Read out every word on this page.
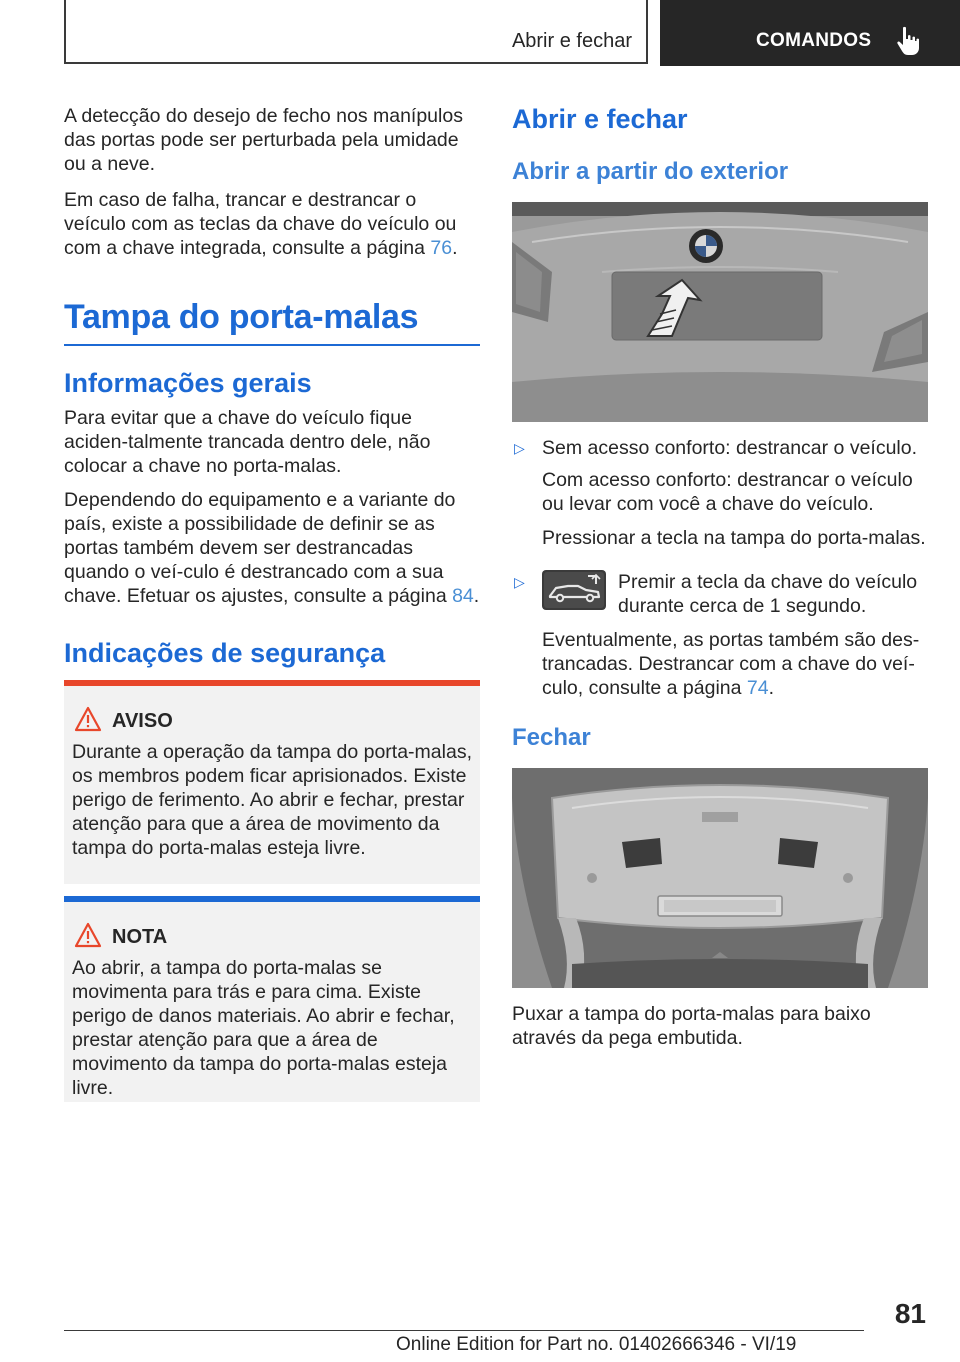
Abrir e fechar	COMANDOS

A detecção do desejo de fecho nos manípulos das portas pode ser perturbada pela umidade ou a neve.

Em caso de falha, trancar e destrancar o veículo com as teclas da chave do veículo ou com a chave integrada, consulte a página 76.

Tampa do porta-malas
Informações gerais

Para evitar que a chave do veículo fique aciden-talmente trancada dentro dele, não colocar a chave no porta-malas.

Dependendo do equipamento e a variante do país, existe a possibilidade de definir se as portas também devem ser destrancadas quando o veí-culo é destrancado com a sua chave. Efetuar os ajustes, consulte a página 84.

Indicações de segurança
AVISO

Durante a operação da tampa do porta-malas, os membros podem ficar aprisionados. Existe perigo de ferimento. Ao abrir e fechar, prestar atenção para que a área de movimento da tampa do porta-malas esteja livre.

NOTA

Ao abrir, a tampa do porta-malas se movimenta para trás e para cima. Existe perigo de danos materiais. Ao abrir e fechar, prestar atenção para que a área de movimento da tampa do porta-malas esteja livre.

Abrir e fechar
Abrir a partir do exterior
▷ Sem acesso conforto: destrancar o veículo.

Com acesso conforto: destrancar o veículo ou levar com você a chave do veículo.

Pressionar a tecla na tampa do porta-malas.

▷	Premir a tecla da chave do veículo durante cerca de 1 segundo.

Eventualmente, as portas também são des-trancadas. Destrancar com a chave do veí-culo, consulte a página 74.

Fechar

Puxar a tampa do porta-malas para baixo através da pega embutida.

81
Online Edition for Part no. 01402666346 - VI/19
